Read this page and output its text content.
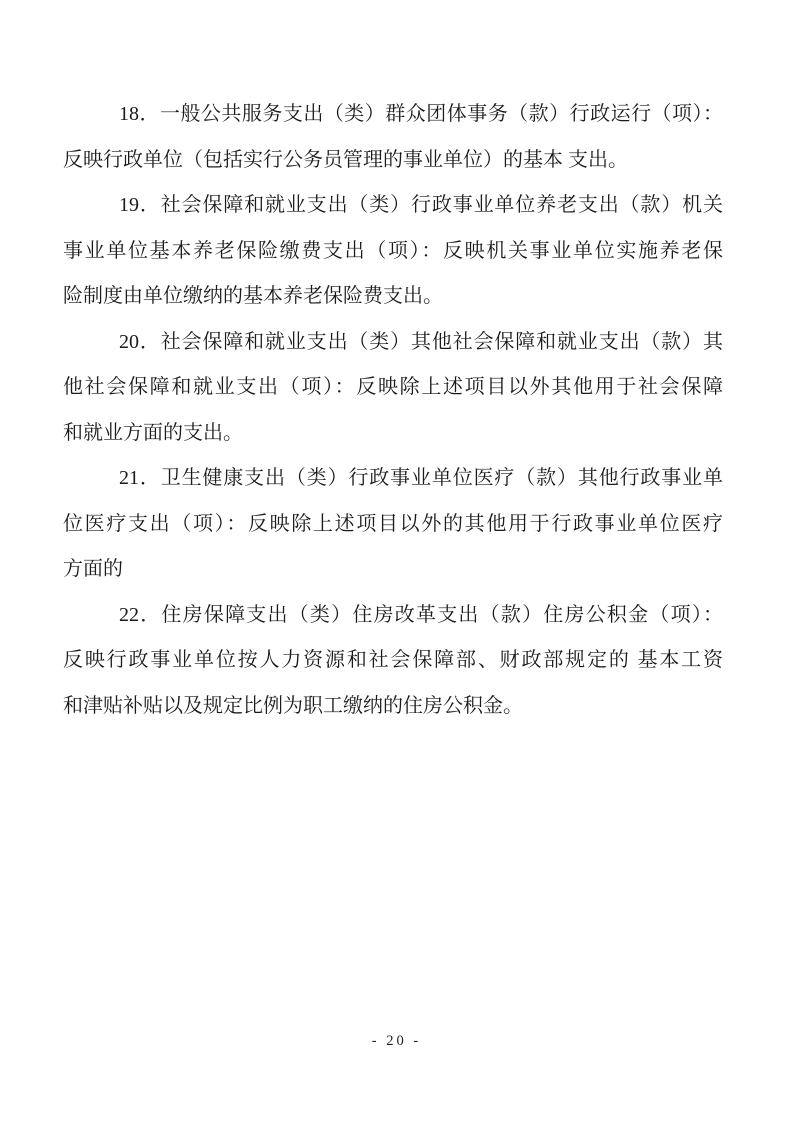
18．一般公共服务支出（类）群众团体事务（款）行政运行（项）：
反映行政单位（包括实行公务员管理的事业单位）的基本 支出。
19．社会保障和就业支出（类）行政事业单位养老支出（款）机关
事业单位基本养老保险缴费支出（项）：反映机关事业单位实施养老保
险制度由单位缴纳的基本养老保险费支出。
20．社会保障和就业支出（类）其他社会保障和就业支出（款）其
他社会保障和就业支出（项）：反映除上述项目以外其他用于社会保障
和就业方面的支出。
21．卫生健康支出（类）行政事业单位医疗（款）其他行政事业单
位医疗支出（项）：反映除上述项目以外的其他用于行政事业单位医疗
方面的
22．住房保障支出（类）住房改革支出（款）住房公积金（项）：
反映行政事业单位按人力资源和社会保障部、财政部规定的 基本工资
和津贴补贴以及规定比例为职工缴纳的住房公积金。
- 20 -
